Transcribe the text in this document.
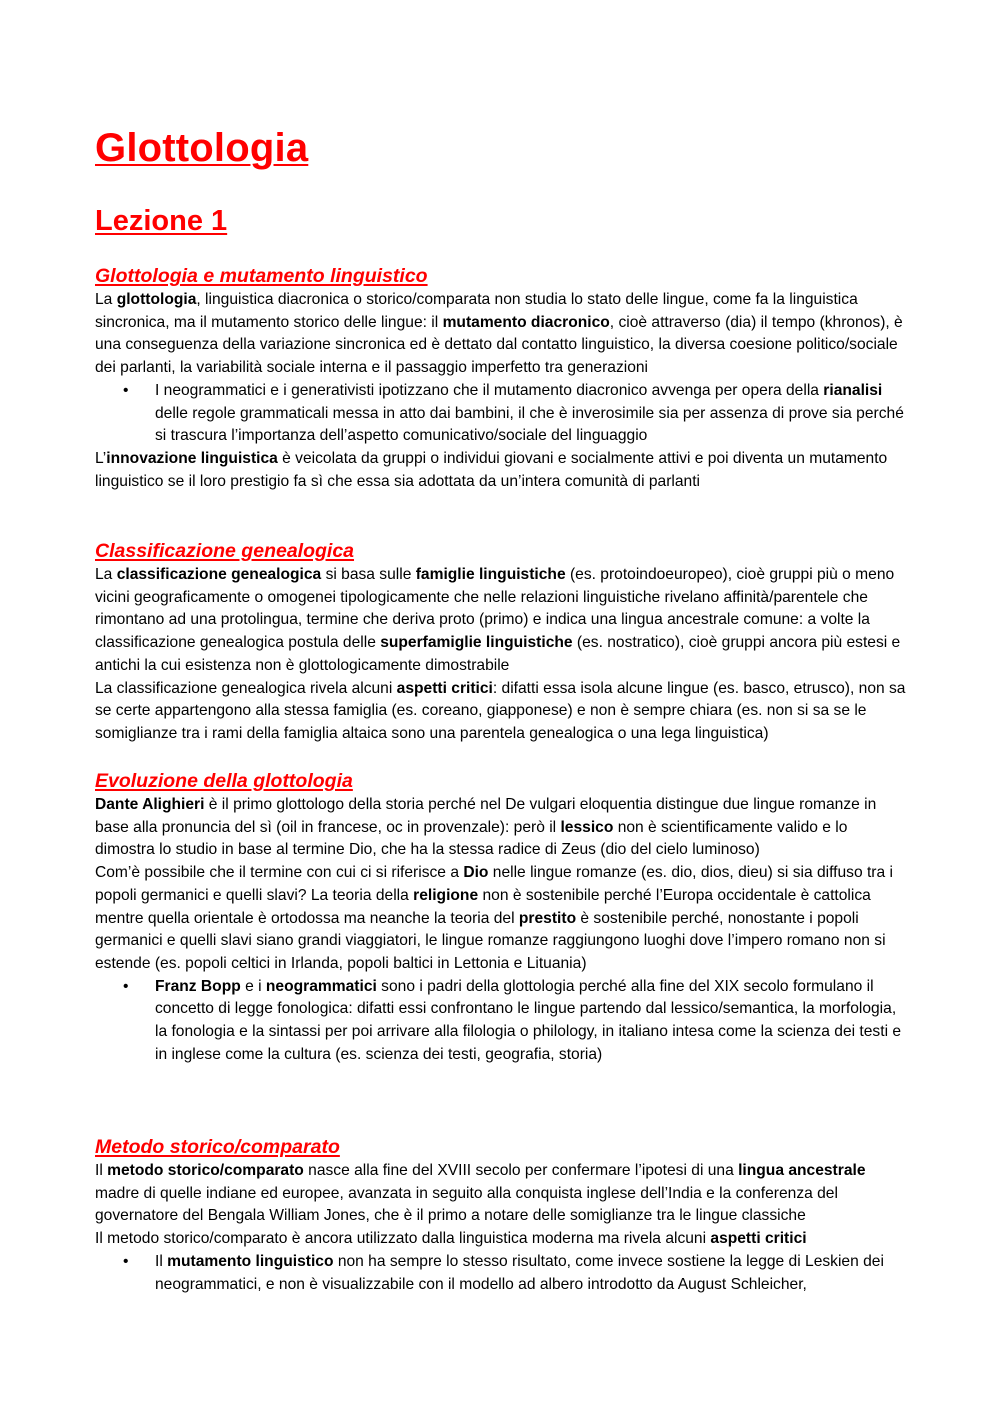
Glottologia
Lezione 1
Glottologia e mutamento linguistico

La glottologia, linguistica diacronica o storico/comparata non studia lo stato delle lingue, come fa la linguistica sincronica, ma il mutamento storico delle lingue: il mutamento diacronico, cioè attraverso (dia) il tempo (khronos), è una conseguenza della variazione sincronica ed è dettato dal contatto linguistico, la diversa coesione politico/sociale dei parlanti, la variabilità sociale interna e il passaggio imperfetto tra generazioni

• I neogrammatici e i generativisti ipotizzano che il mutamento diacronico avvenga per opera della rianalisi delle regole grammaticali messa in atto dai bambini, il che è inverosimile sia per assenza di prove sia perché si trascura l’importanza dell’aspetto comunicativo/sociale del linguaggio

L’innovazione linguistica è veicolata da gruppi o individui giovani e socialmente attivi e poi diventa un mutamento linguistico se il loro prestigio fa sì che essa sia adottata da un’intera comunità di parlanti

Classificazione genealogica

La classificazione genealogica si basa sulle famiglie linguistiche (es. protoindoeuropeo), cioè gruppi più o meno vicini geograficamente o omogenei tipologicamente che nelle relazioni linguistiche rivelano affinità/parentele che rimontano ad una protolingua, termine che deriva proto (primo) e indica una lingua ancestrale comune: a volte la classificazione genealogica postula delle superfamiglie linguistiche (es. nostratico), cioè gruppi ancora più estesi e antichi la cui esistenza non è glottologicamente dimostrabile

La classificazione genealogica rivela alcuni aspetti critici: difatti essa isola alcune lingue (es. basco, etrusco), non sa se certe appartengono alla stessa famiglia (es. coreano, giapponese) e non è sempre chiara (es. non si sa se le somiglianze tra i rami della famiglia altaica sono una parentela genealogica o una lega linguistica)

Evoluzione della glottologia

Dante Alighieri è il primo glottologo della storia perché nel De vulgari eloquentia distingue due lingue romanze in base alla pronuncia del sì (oil in francese, oc in provenzale): però il lessico non è scientificamente valido e lo dimostra lo studio in base al termine Dio, che ha la stessa radice di Zeus (dio del cielo luminoso)

Com’è possibile che il termine con cui ci si riferisce a Dio nelle lingue romanze (es. dio, dios, dieu) si sia diffuso tra i popoli germanici e quelli slavi? La teoria della religione non è sostenibile perché l’Europa occidentale è cattolica mentre quella orientale è ortodossa ma neanche la teoria del prestito è sostenibile perché, nonostante i popoli germanici e quelli slavi siano grandi viaggiatori, le lingue romanze raggiungono luoghi dove l’impero romano non si estende (es. popoli celtici in Irlanda, popoli baltici in Lettonia e Lituania)

• Franz Bopp e i neogrammatici sono i padri della glottologia perché alla fine del XIX secolo formulano il concetto di legge fonologica: difatti essi confrontano le lingue partendo dal lessico/semantica, la morfologia, la fonologia e la sintassi per poi arrivare alla filologia o philology, in italiano intesa come la scienza dei testi e in inglese come la cultura (es. scienza dei testi, geografia, storia)
Metodo storico/comparato

Il metodo storico/comparato nasce alla fine del XVIII secolo per confermare l’ipotesi di una lingua ancestrale madre di quelle indiane ed europee, avanzata in seguito alla conquista inglese dell’India e la conferenza del governatore del Bengala William Jones, che è il primo a notare delle somiglianze tra le lingue classiche

Il metodo storico/comparato è ancora utilizzato dalla linguistica moderna ma rivela alcuni aspetti critici

• Il mutamento linguistico non ha sempre lo stesso risultato, come invece sostiene la legge di Leskien dei neogrammatici, e non è visualizzabile con il modello ad albero introdotto da August Schleicher,
